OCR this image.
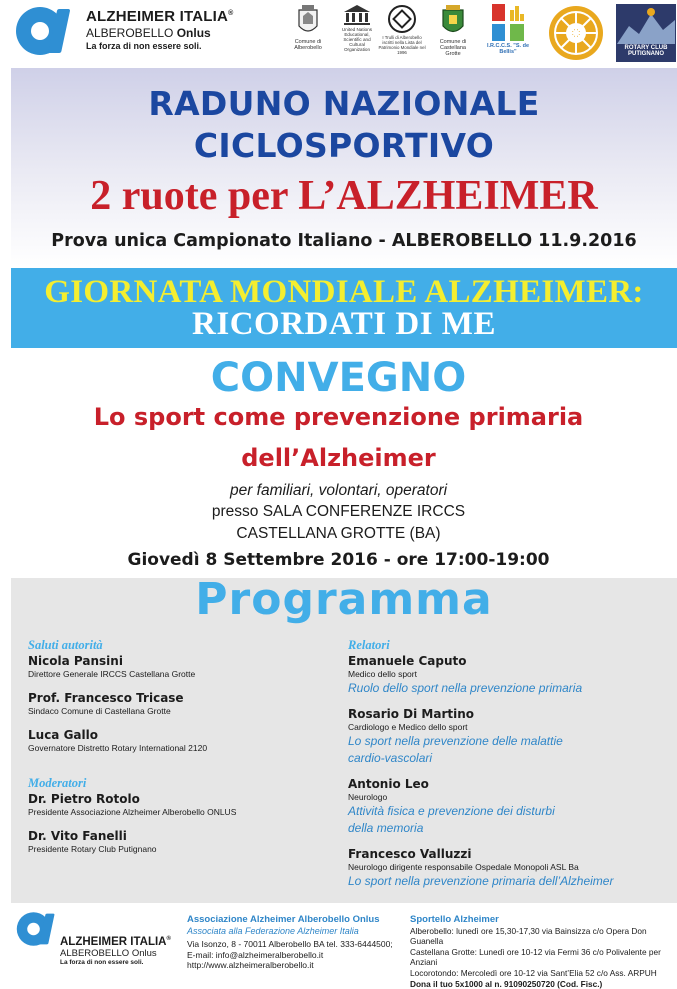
ALZHEIMER ITALIA®
ALBEROBELLO Onlus
La forza di non essere soli.	Comune di Alberobello
United Nations Educational, Scientific and Cultural Organization
I Trulli di Alberobello iscritti nella Lista del Patrimonio Mondiale nel 1996
Comune di Castellana Grotte
I.R.C.C.S. "S. de Bellis"
ROTARY CLUB PUTIGNANO
RADUNO NAZIONALE
CICLOSPORTIVO
2 ruote per L’ALZHEIMER
Prova unica Campionato Italiano - ALBEROBELLO 11.9.2016
GIORNATA MONDIALE ALZHEIMER:
RICORDATI DI ME
CONVEGNO
Lo sport come prevenzione primaria
dell’Alzheimer
per familiari, volontari, operatori
presso SALA CONFERENZE IRCCS
CASTELLANA GROTTE (BA)
Giovedì 8 Settembre 2016 - ore 17:00-19:00
Programma
Saluti autorità
Nicola Pansini
Direttore Generale IRCCS Castellana Grotte
Prof. Francesco Tricase
Sindaco Comune di Castellana Grotte
Luca Gallo
Governatore Distretto Rotary International 2120
Moderatori
Dr. Pietro Rotolo
Presidente Associazione Alzheimer Alberobello ONLUS
Dr. Vito Fanelli
Presidente Rotary Club Putignano
Relatori
Emanuele Caputo
Medico dello sport
Ruolo dello sport nella prevenzione primaria
Rosario Di Martino
Cardiologo e Medico dello sport
Lo sport nella prevenzione delle malattie
cardio-vascolari
Antonio Leo
Neurologo
Attività fisica e prevenzione dei disturbi
della memoria
Francesco Valluzzi
Neurologo dirigente responsabile Ospedale Monopoli ASL Ba
Lo sport nella prevenzione primaria dell’Alzheimer
ALZHEIMER ITALIA®
ALBEROBELLO Onlus
La forza di non essere soli.
Associazione Alzheimer Alberobello Onlus
Associata alla Federazione Alzheimer Italia
Via Isonzo, 8 - 70011 Alberobello BA tel. 333-6444500;
E-mail: info@alzheimeralberobello.it
http://www.alzheimeralberobello.it
Sportello Alzheimer
Alberobello: lunedì ore 15,30-17,30 via Bainsizza c/o Opera Don Guanella
Castellana Grotte: Lunedì ore 10-12 via Fermi 36 c/o Polivalente per Anziani
Locorotondo: Mercoledì ore 10-12 via Sant’Elia 52 c/o Ass. ARPUH
Dona il tuo 5x1000 al n. 91090250720 (Cod. Fisc.)
